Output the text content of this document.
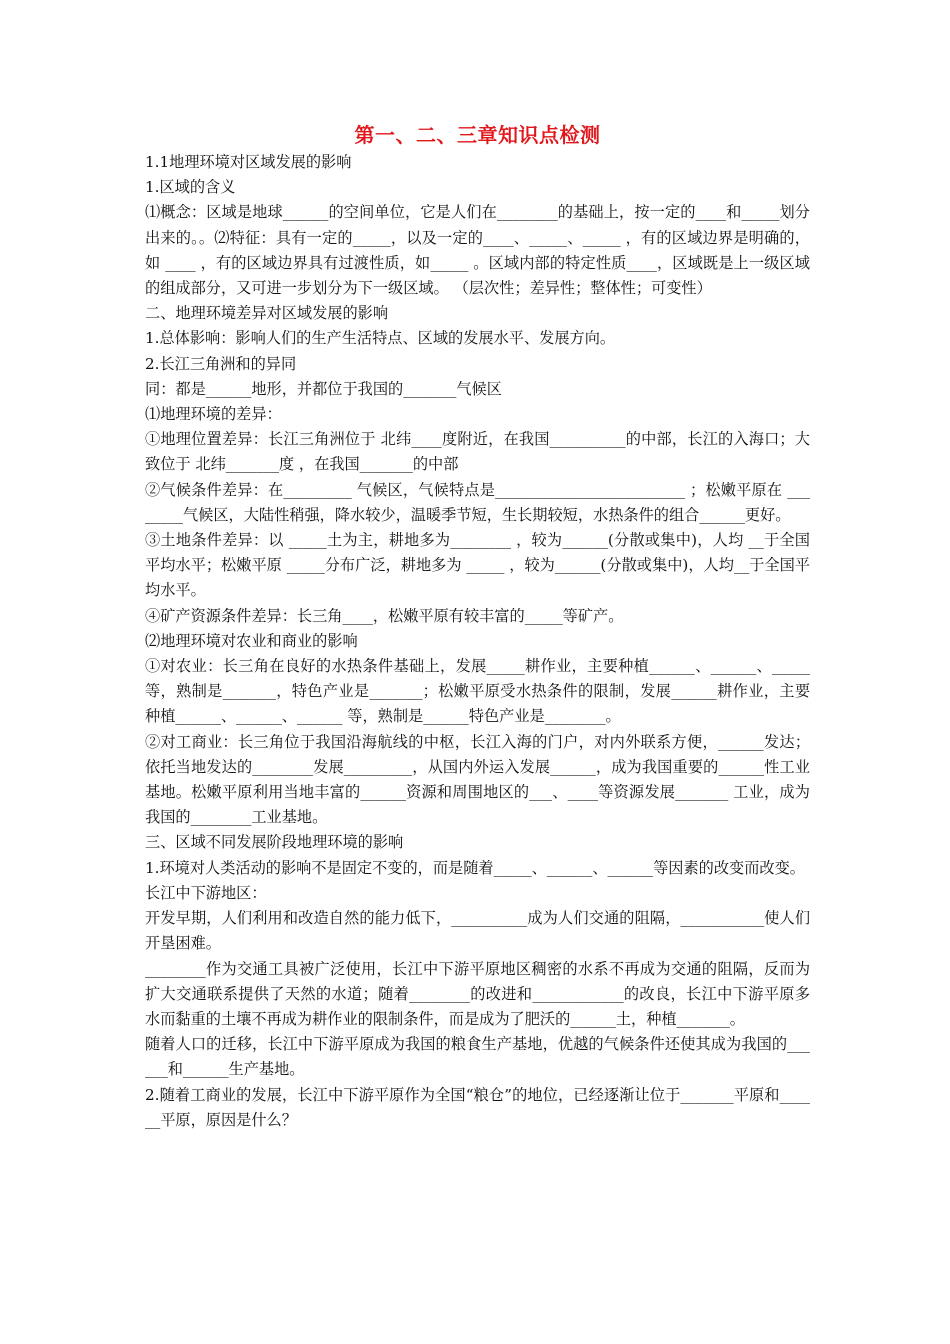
第一、二、三章知识点检测

1.1地理环境对区域发展的影响

1.区域的含义

⑴概念：区域是地球______的空间单位，它是人们在________的基础上，按一定的____和_____划分出来的。。⑵特征：具有一定的_____，以及一定的____、_____、_____ ，有的区域边界是明确的，如 ____ ，有的区域边界具有过渡性质，如_____ 。区域内部的特定性质____，区域既是上一级区域的组成部分，又可进一步划分为下一级区域。 （层次性；差异性；整体性；可变性）

二、地理环境差异对区域发展的影响

1.总体影响：影响人们的生产生活特点、区域的发展水平、发展方向。

2.长江三角洲和的异同

同：都是______地形，并都位于我国的_______气候区

⑴地理环境的差异：

①地理位置差异：长江三角洲位于 北纬____度附近，在我国__________的中部，长江的入海口；大致位于 北纬_______度 ，在我国_______的中部

②气候条件差异：在_________ 气候区，气候特点是_________________________ ；松嫩平原在 ________气候区，大陆性稍强，降水较少，温暖季节短，生长期较短，水热条件的组合______更好。

③土地条件差异：以 _____土为主，耕地多为________ ，较为______(分散或集中)，人均 __于全国平均水平；松嫩平原 _____分布广泛，耕地多为 _____ ，较为______(分散或集中)，人均__于全国平均水平。

④矿产资源条件差异：长三角____，松嫩平原有较丰富的_____等矿产。

⑵地理环境对农业和商业的影响

①对农业：长三角在良好的水热条件基础上，发展_____耕作业，主要种植______、______、_____ 等，熟制是_______，特色产业是_______；松嫩平原受水热条件的限制，发展______耕作业，主要种植______、______、______ 等，熟制是______特色产业是________。

②对工商业：长三角位于我国沿海航线的中枢，长江入海的门户，对内外联系方便，______发达；依托当地发达的________发展_________，从国内外运入发展______，成为我国重要的______性工业基地。松嫩平原利用当地丰富的______资源和周围地区的___、____等资源发展_______ 工业，成为我国的________工业基地。

三、区域不同发展阶段地理环境的影响

1.环境对人类活动的影响不是固定不变的，而是随着_____、______、______等因素的改变而改变。

长江中下游地区：

开发早期，人们利用和改造自然的能力低下，__________成为人们交通的阻隔，___________使人们开垦困难。

________作为交通工具被广泛使用，长江中下游平原地区稠密的水系不再成为交通的阻隔，反而为扩大交通联系提供了天然的水道；随着________的改进和____________的改良，长江中下游平原多水而黏重的土壤不再成为耕作业的限制条件，而是成为了肥沃的______土，种植_______。

随着人口的迁移，长江中下游平原成为我国的粮食生产基地，优越的气候条件还使其成为我国的______和______生产基地。

2.随着工商业的发展，长江中下游平原作为全国“粮仓”的地位，已经逐渐让位于_______平原和______平原，原因是什么？
